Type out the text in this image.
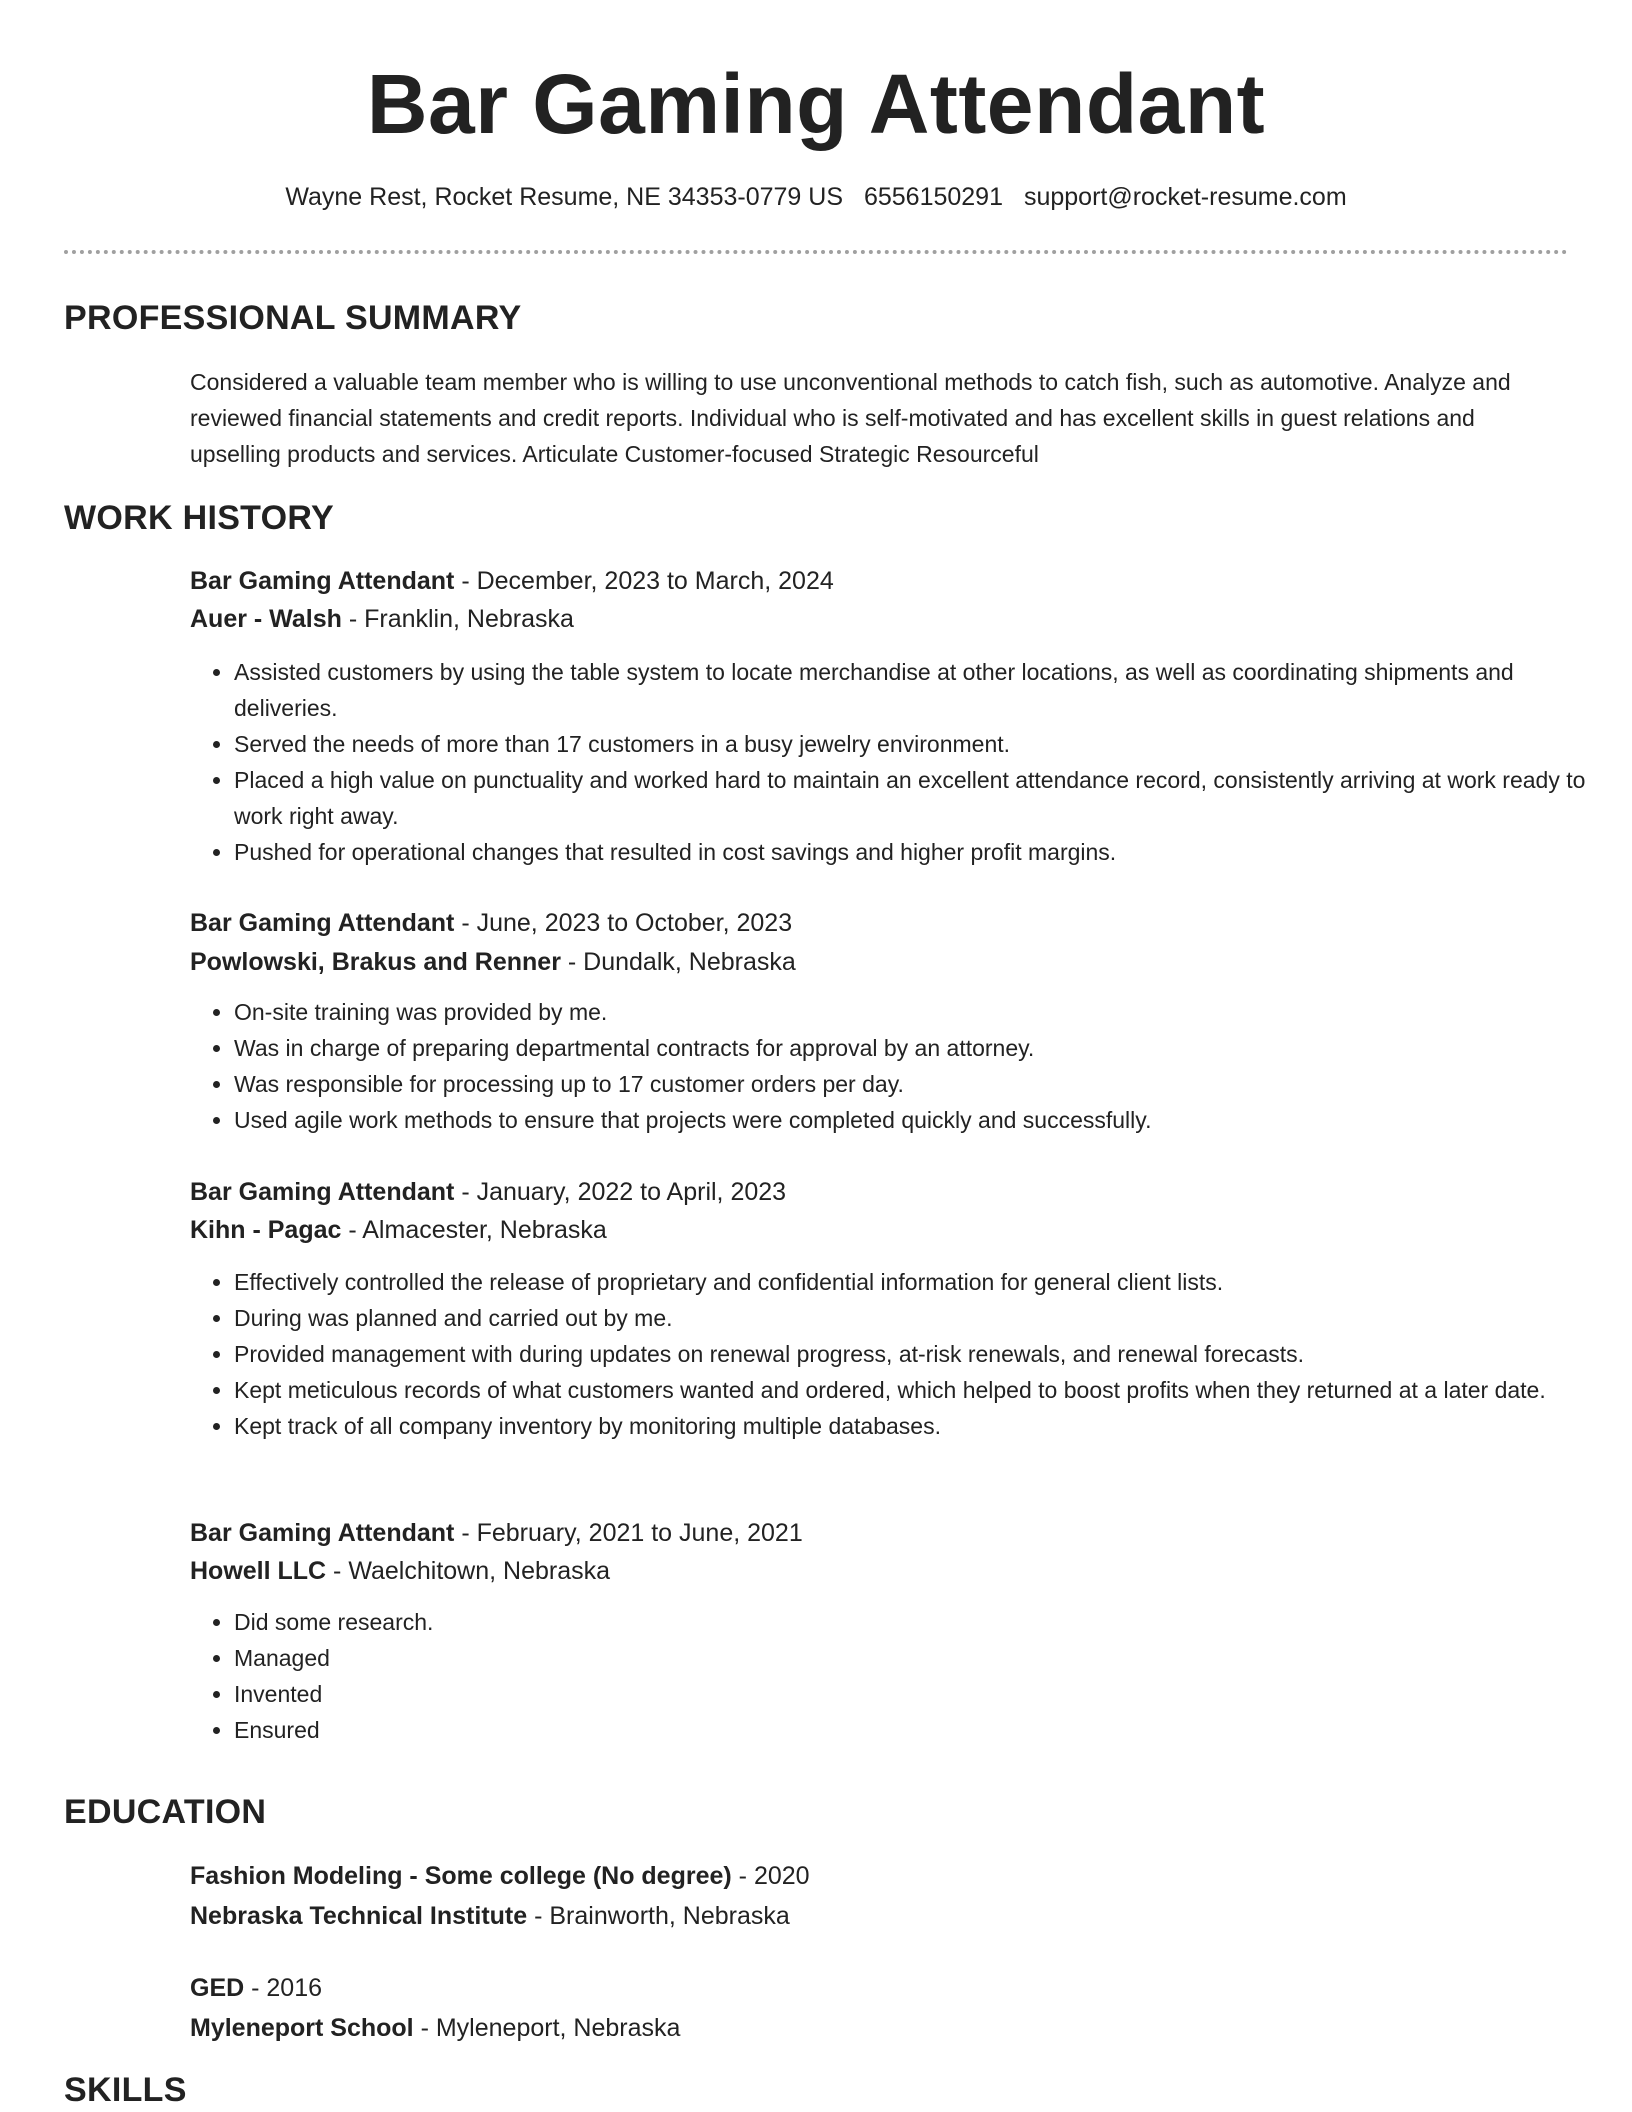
Bar Gaming Attendant
Wayne Rest, Rocket Resume, NE 34353-0779 US 6556150291 support@rocket-resume.com
PROFESSIONAL SUMMARY

Considered a valuable team member who is willing to use unconventional methods to catch fish, such as automotive. Analyze and reviewed financial statements and credit reports. Individual who is self-motivated and has excellent skills in guest relations and upselling products and services. Articulate Customer-focused Strategic Resourceful

WORK HISTORY
Bar Gaming Attendant - December, 2023 to March, 2024
Auer - Walsh - Franklin, Nebraska
• Assisted customers by using the table system to locate merchandise at other locations, as well as coordinating shipments and deliveries.
• Served the needs of more than 17 customers in a busy jewelry environment.
• Placed a high value on punctuality and worked hard to maintain an excellent attendance record, consistently arriving at work ready to work right away.
• Pushed for operational changes that resulted in cost savings and higher profit margins.
Bar Gaming Attendant - June, 2023 to October, 2023
Powlowski, Brakus and Renner - Dundalk, Nebraska
• On-site training was provided by me.
• Was in charge of preparing departmental contracts for approval by an attorney.
• Was responsible for processing up to 17 customer orders per day.
• Used agile work methods to ensure that projects were completed quickly and successfully.
Bar Gaming Attendant - January, 2022 to April, 2023
Kihn - Pagac - Almacester, Nebraska
• Effectively controlled the release of proprietary and confidential information for general client lists.
• During was planned and carried out by me.
• Provided management with during updates on renewal progress, at-risk renewals, and renewal forecasts.
• Kept meticulous records of what customers wanted and ordered, which helped to boost profits when they returned at a later date.
• Kept track of all company inventory by monitoring multiple databases.
Bar Gaming Attendant - February, 2021 to June, 2021
Howell LLC - Waelchitown, Nebraska
• Did some research.
• Managed
• Invented
• Ensured
EDUCATION
Fashion Modeling - Some college (No degree) - 2020
Nebraska Technical Institute - Brainworth, Nebraska
GED - 2016
Myleneport School - Myleneport, Nebraska
SKILLS
